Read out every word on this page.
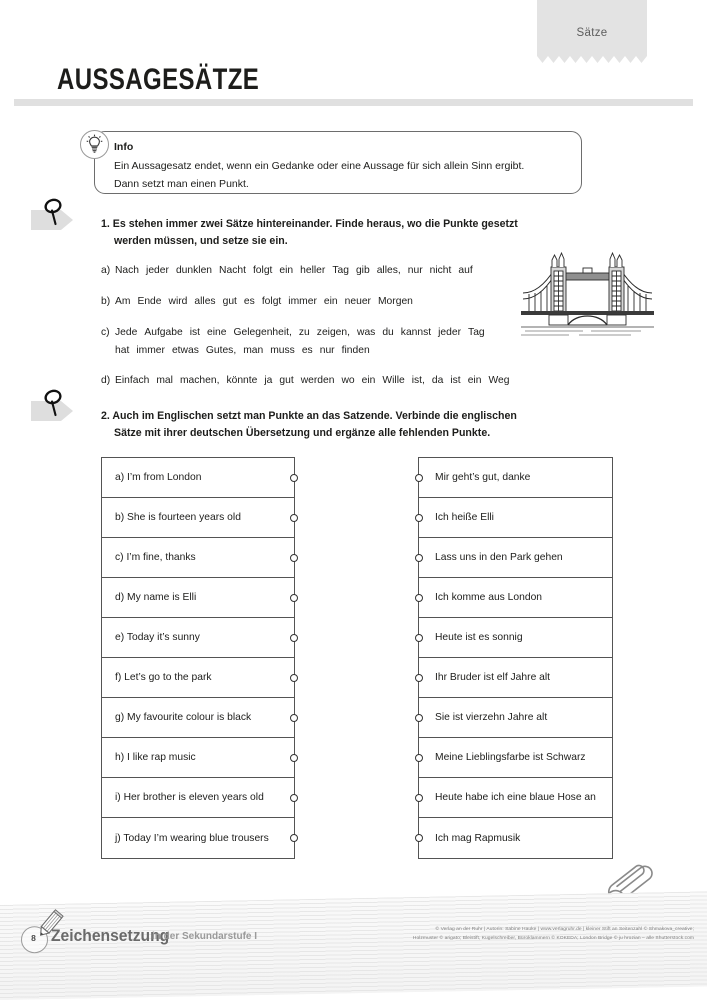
Sätze
AUSSAGESÄTZE
Info
Ein Aussagesatz endet, wenn ein Gedanke oder eine Aussage für sich allein Sinn ergibt.
Dann setzt man einen Punkt.
1. Es stehen immer zwei Sätze hintereinander. Finde heraus, wo die Punkte gesetzt
werden müssen, und setze sie ein.
a) Nach jeder dunklen Nacht folgt ein heller Tag gib alles, nur nicht auf
b) Am Ende wird alles gut es folgt immer ein neuer Morgen
c) Jede Aufgabe ist eine Gelegenheit, zu zeigen, was du kannst jeder Tag
hat immer etwas Gutes, man muss es nur finden
d) Einfach mal machen, könnte ja gut werden wo ein Wille ist, da ist ein Weg
2. Auch im Englischen setzt man Punkte an das Satzende. Verbinde die englischen
Sätze mit ihrer deutschen Übersetzung und ergänze alle fehlenden Punkte.
a) I’m from London
b) She is fourteen years old
c) I’m fine, thanks
d) My name is Elli
e) Today it’s sunny
f) Let’s go to the park
g) My favourite colour is black
h) I like rap music
i) Her brother is eleven years old
j) Today I’m wearing blue trousers
Mir geht’s gut, danke
Ich heiße Elli
Lass uns in den Park gehen
Ich komme aus London
Heute ist es sonnig
Ihr Bruder ist elf Jahre alt
Sie ist vierzehn Jahre alt
Meine Lieblingsfarbe ist Schwarz
Heute habe ich eine blaue Hose an
Ich mag Rapmusik
8 Zeichensetzung
in der Sekundarstufe I
© Verlag an der Ruhr | Autorin: Sabine Hauke | www.verlagruhr.de | kleiner Stift an Seitenzahl © Shmakova_creative;
Holzmuster © arigato; Bleistift, Kugelschreiber, Büroklammern © KOKEDA; London Bridge © ju hrozian – alle Shutterstock.com
